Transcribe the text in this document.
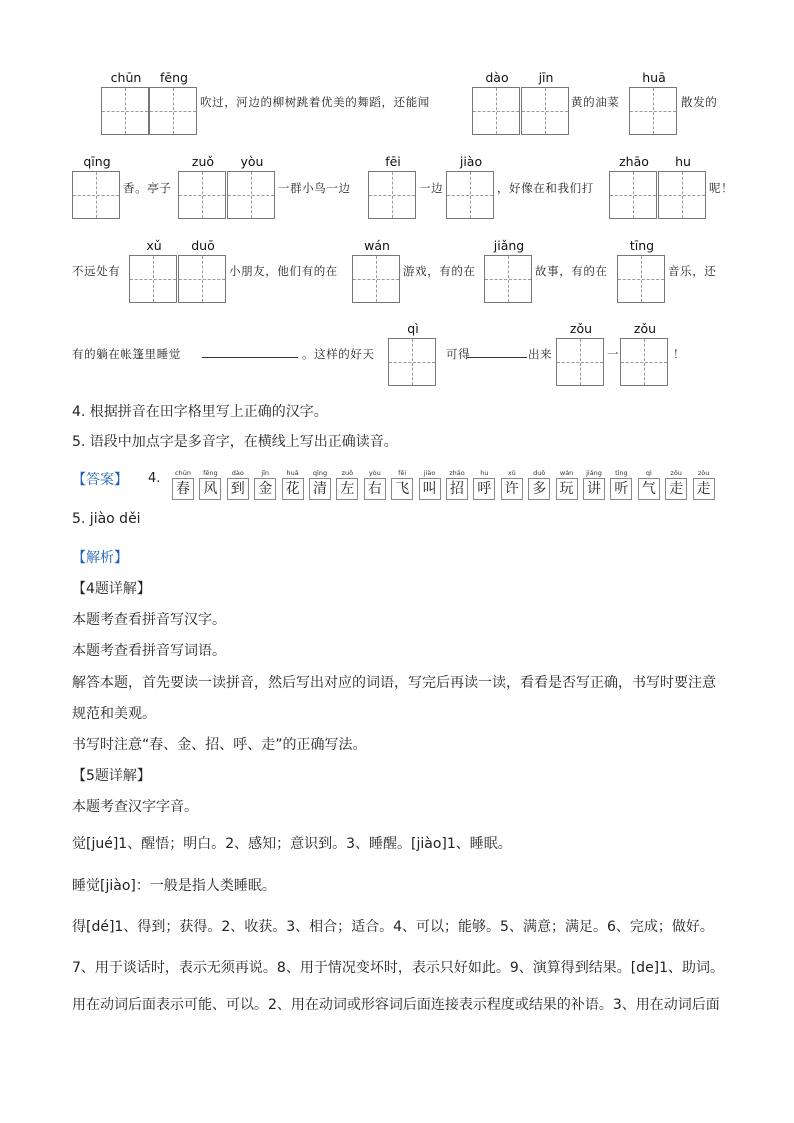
chūn	fēng
吹过，河边的柳树跳着优美的舞蹈，还能闻
dào	jīn
黄的油菜
huā
散发的
qīng
香。亭子
zuǒ	yòu
一群小鸟一边
fēi
一边
jiào
，好像在和我们打
zhāo	hu
呢！
不远处有
xǔ	duō
小朋友，他们有的在
wán
游戏，有的在
jiǎng
故事，有的在
tīng
音乐，还
有的躺在帐篷里睡觉	。这样的好天
qì
可得	出来
zǒu
一
zǒu
！
4. 根据拼音在田字格里写上正确的汉字。
5. 语段中加点字是多音字，在横线上写出正确读音。
【答案】 4.	chūn
春
fēng
风
dào
到
jīn
金
huā
花
qīng
清
zuǒ
左
yòu
右
fēi
飞
jiào
叫
zhāo
招
hu
呼
xǔ
许
duō
多
wán
玩
jiǎng
讲
tīng
听
qì
气
zǒu
走
zǒu
走
5. jiào děi
【解析】
【4题详解】
本题考查看拼音写汉字。
本题考查看拼音写词语。
解答本题，首先要读一读拼音，然后写出对应的词语，写完后再读一读，看看是否写正确，书写时要注意
规范和美观。
书写时注意“春、金、招、呼、走”的正确写法。
【5题详解】
本题考查汉字字音。
觉[jué]1、醒悟；明白。2、感知；意识到。3、睡醒。[jiào]1、睡眠。
睡觉[jiào]：一般是指人类睡眠。
得[dé]1、得到；获得。2、收获。3、相合；适合。4、可以；能够。5、满意；满足。6、完成；做好。
7、用于谈话时，表示无须再说。8、用于情况变坏时，表示只好如此。9、演算得到结果。[de]1、助词。
用在动词后面表示可能、可以。2、用在动词或形容词后面连接表示程度或结果的补语。3、用在动词后面
